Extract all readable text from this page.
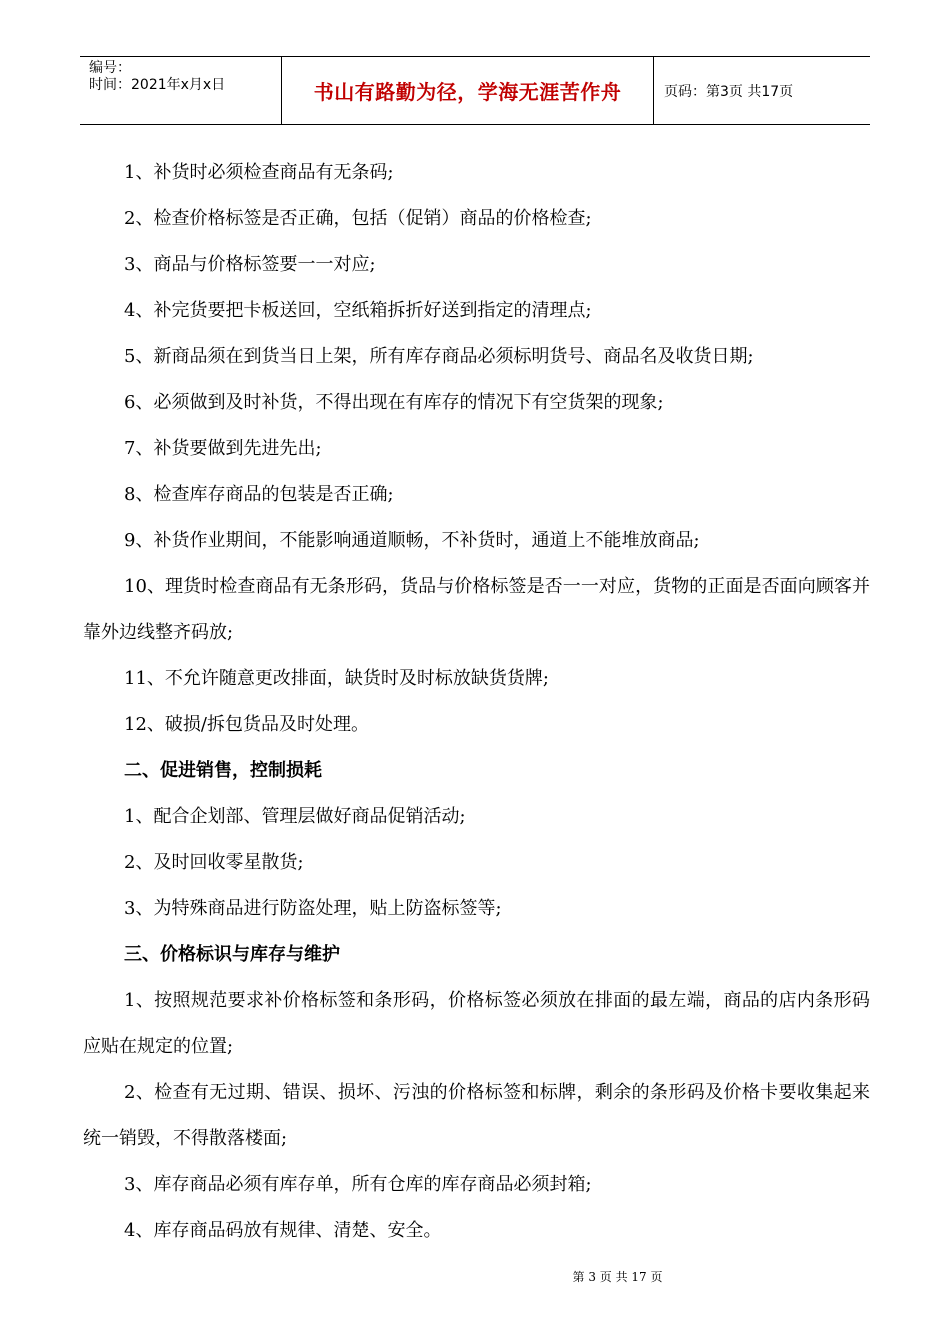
编号：
时间：2021年x月x日	书山有路勤为径，学海无涯苦作舟	页码：第3页 共17页

1、补货时必须检查商品有无条码;

2、检查价格标签是否正确，包括（促销）商品的价格检查;

3、商品与价格标签要一一对应;

4、补完货要把卡板送回，空纸箱拆折好送到指定的清理点;

5、新商品须在到货当日上架，所有库存商品必须标明货号、商品名及收货日期;

6、必须做到及时补货，不得出现在有库存的情况下有空货架的现象;

7、补货要做到先进先出;

8、检查库存商品的包装是否正确;

9、补货作业期间，不能影响通道顺畅，不补货时，通道上不能堆放商品;

10、理货时检查商品有无条形码，货品与价格标签是否一一对应，货物的正面是否面向顾客并靠外边线整齐码放;

11、不允许随意更改排面，缺货时及时标放缺货货牌;

12、破损/拆包货品及时处理。

二、促进销售，控制损耗

1、配合企划部、管理层做好商品促销活动;

2、及时回收零星散货;

3、为特殊商品进行防盗处理，贴上防盗标签等;

三、价格标识与库存与维护

1、按照规范要求补价格标签和条形码，价格标签必须放在排面的最左端，商品的店内条形码应贴在规定的位置;

2、检查有无过期、错误、损坏、污浊的价格标签和标牌，剩余的条形码及价格卡要收集起来统一销毁，不得散落楼面;

3、库存商品必须有库存单，所有仓库的库存商品必须封箱;

4、库存商品码放有规律、清楚、安全。

第 3 页 共 17 页
